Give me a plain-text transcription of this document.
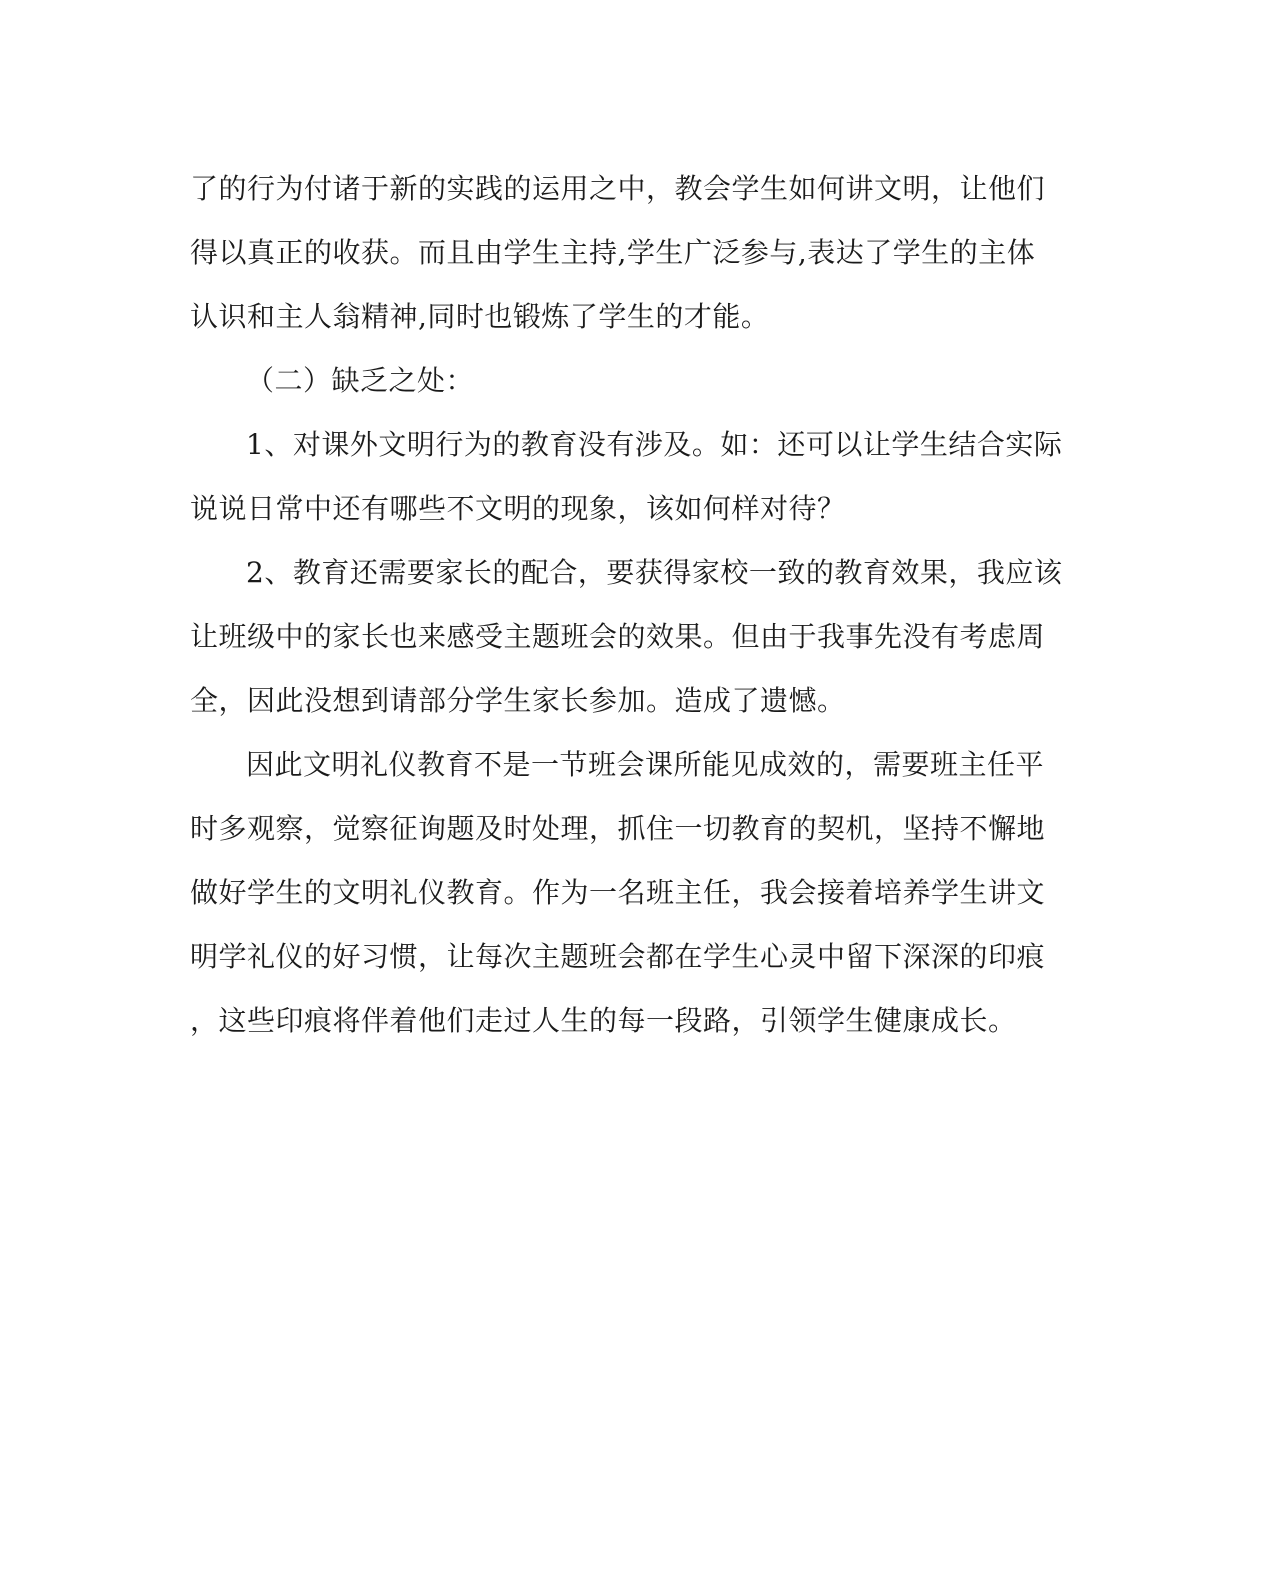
了的行为付诸于新的实践的运用之中，教会学生如何讲文明，让他们
得以真正的收获。而且由学生主持,学生广泛参与,表达了学生的主体
认识和主人翁精神,同时也锻炼了学生的才能。
（二）缺乏之处：
1、对课外文明行为的教育没有涉及。如：还可以让学生结合实际
说说日常中还有哪些不文明的现象，该如何样对待？
2、教育还需要家长的配合，要获得家校一致的教育效果，我应该
让班级中的家长也来感受主题班会的效果。但由于我事先没有考虑周
全，因此没想到请部分学生家长参加。造成了遗憾。
因此文明礼仪教育不是一节班会课所能见成效的，需要班主任平
时多观察，觉察征询题及时处理，抓住一切教育的契机，坚持不懈地
做好学生的文明礼仪教育。作为一名班主任，我会接着培养学生讲文
明学礼仪的好习惯，让每次主题班会都在学生心灵中留下深深的印痕
，这些印痕将伴着他们走过人生的每一段路，引领学生健康成长。
